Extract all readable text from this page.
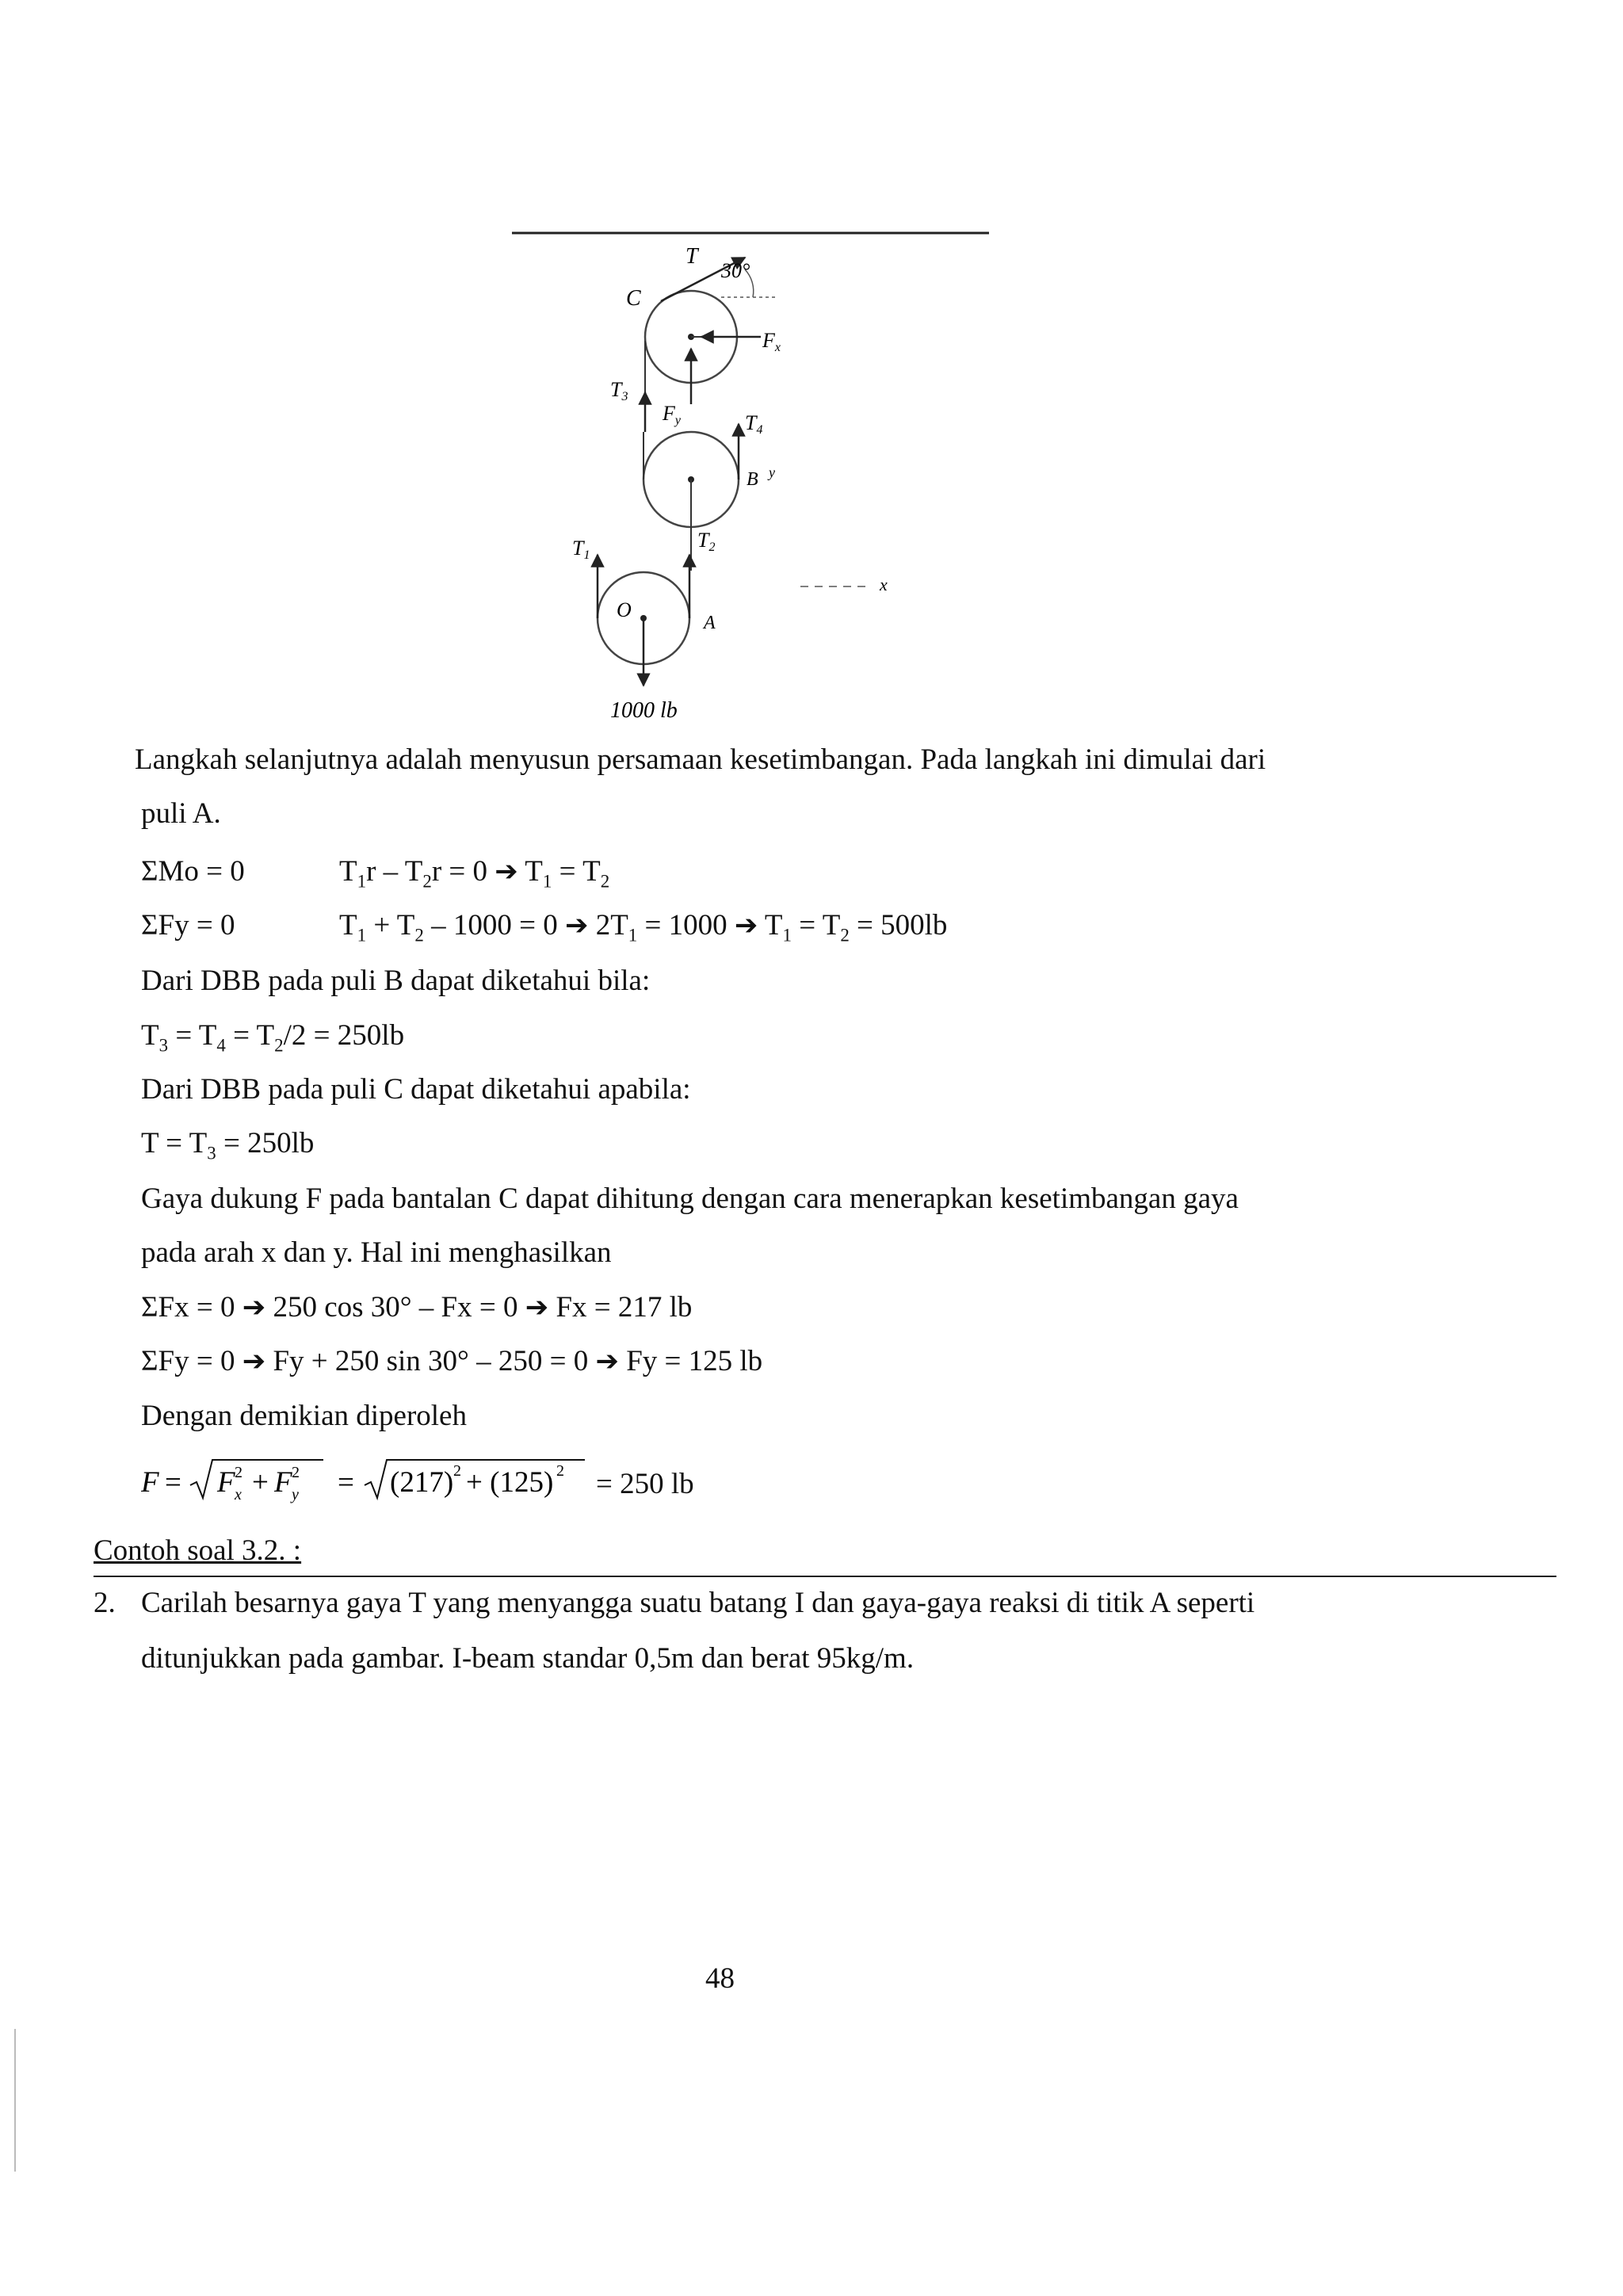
T
30°
C
Fx
T3
Fy	T4
B y
T1
T2
O
A
x
1000 lb
Langkah selanjutnya adalah menyusun persamaan kesetimbangan. Pada langkah ini dimulai dari
puli A.
ΣMo = 0	$T_1r - T_2r = 0$ ➔ $T_1 = T_2$
ΣFy = 0	$T_1 + T_2 - 1000 = 0$ ➔ $2T_1 = 1000$ ➔ $T_1 = T_2 = 500lb$
Dari DBB pada puli B dapat diketahui bila:
$T_3 = T_4 = T_2/2 = 250lb$
Dari DBB pada puli C dapat diketahui apabila:
$T = T_3 = 250lb$
Gaya dukung F pada bantalan C dapat dihitung dengan cara menerapkan kesetimbangan gaya
pada arah x dan y. Hal ini menghasilkan
ΣFx = 0 ➔ 250 cos 30° – Fx = 0 ➔ Fx = 217 lb
ΣFy = 0 ➔ Fy + 250 sin 30° – 250 = 0 ➔ Fy = 125 lb
Dengan demikian diperoleh
F = F 2
x + F 2
y = (217) 2 + (125) 2 = 250 lb
Contoh soal 3.2. :
2. Carilah besarnya gaya T yang menyangga suatu batang I dan gaya-gaya reaksi di titik A seperti
ditunjukkan pada gambar. I-beam standar 0,5m dan berat 95kg/m.
48
